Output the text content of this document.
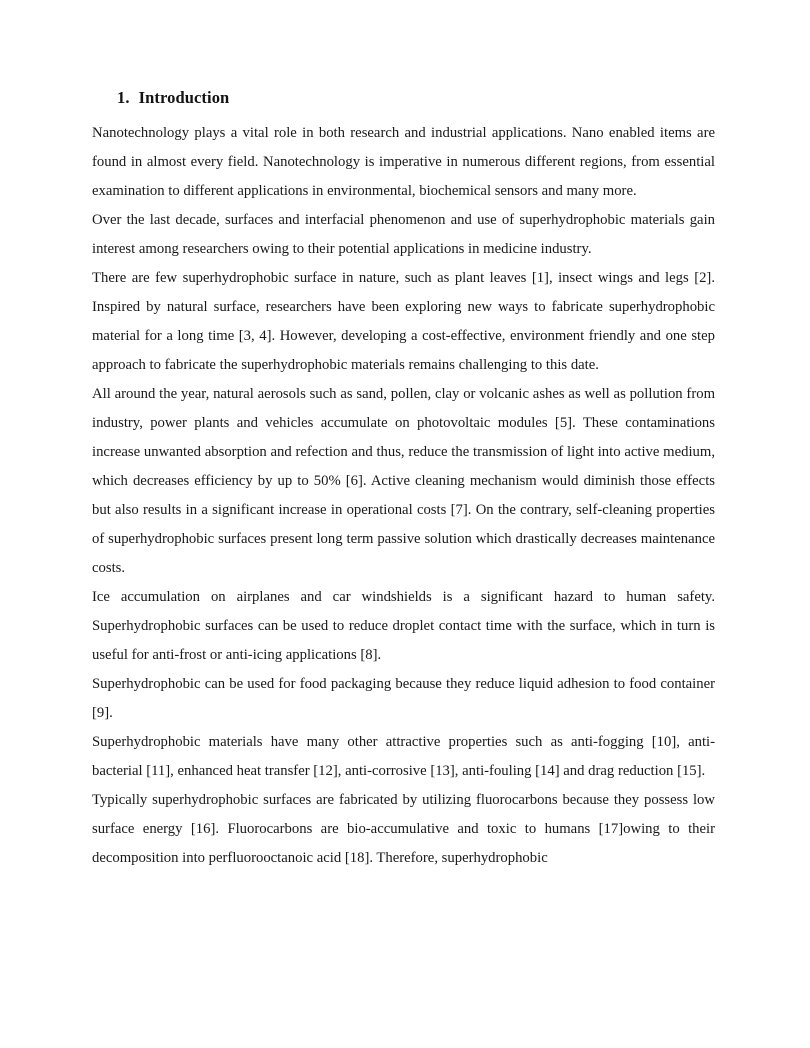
1. Introduction

Nanotechnology plays a vital role in both research and industrial applications. Nano enabled items are found in almost every field. Nanotechnology is imperative in numerous different regions, from essential examination to different applications in environmental, biochemical sensors and many more.

Over the last decade, surfaces and interfacial phenomenon and use of superhydrophobic materials gain interest among researchers owing to their potential applications in medicine industry.

There are few superhydrophobic surface in nature, such as plant leaves [1], insect wings and legs [2]. Inspired by natural surface, researchers have been exploring new ways to fabricate superhydrophobic material for a long time [3, 4]. However, developing a cost-effective, environment friendly and one step approach to fabricate the superhydrophobic materials remains challenging to this date.

All around the year, natural aerosols such as sand, pollen, clay or volcanic ashes as well as pollution from industry, power plants and vehicles accumulate on photovoltaic modules [5]. These contaminations increase unwanted absorption and refection and thus, reduce the transmission of light into active medium, which decreases efficiency by up to 50% [6]. Active cleaning mechanism would diminish those effects but also results in a significant increase in operational costs [7]. On the contrary, self-cleaning properties of superhydrophobic surfaces present long term passive solution which drastically decreases maintenance costs.

Ice accumulation on airplanes and car windshields is a significant hazard to human safety. Superhydrophobic surfaces can be used to reduce droplet contact time with the surface, which in turn is useful for anti-frost or anti-icing applications [8].

Superhydrophobic can be used for food packaging because they reduce liquid adhesion to food container [9].

Superhydrophobic materials have many other attractive properties such as anti-fogging [10], anti-bacterial [11], enhanced heat transfer [12], anti-corrosive [13], anti-fouling [14] and drag reduction [15].

Typically superhydrophobic surfaces are fabricated by utilizing fluorocarbons because they possess low surface energy [16]. Fluorocarbons are bio-accumulative and toxic to humans [17]owing to their decomposition into perfluorooctanoic acid [18]. Therefore, superhydrophobic
